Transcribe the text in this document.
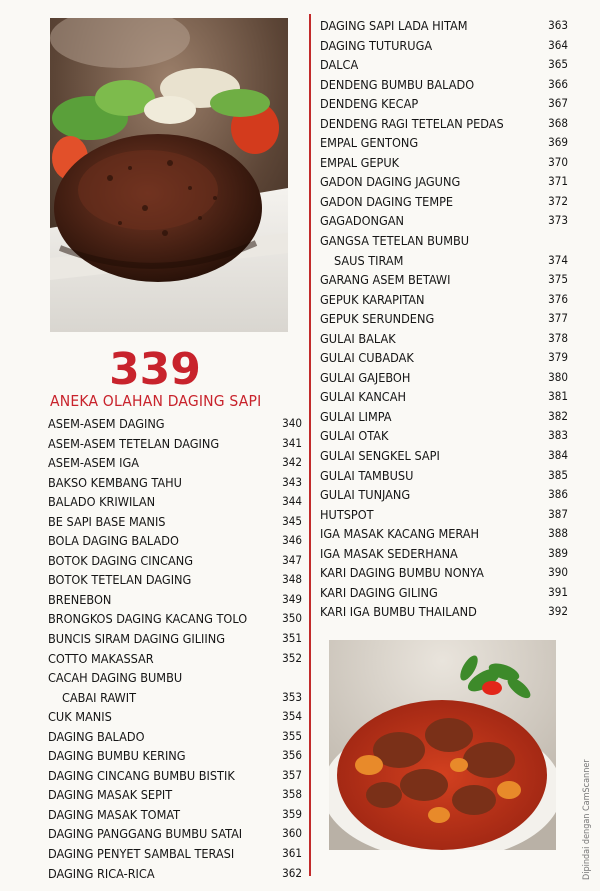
339
ANEKA OLAHAN DAGING SAPI
ASEM-ASEM DAGING	340
ASEM-ASEM TETELAN DAGING	341
ASEM-ASEM IGA	342
BAKSO KEMBANG TAHU	343
BALADO KRIWILAN	344
BE SAPI BASE MANIS	345
BOLA DAGING BALADO	346
BOTOK DAGING CINCANG	347
BOTOK TETELAN DAGING	348
BRENEBON	349
BRONGKOS DAGING KACANG TOLO	350
BUNCIS SIRAM DAGING GILIING	351
COTTO MAKASSAR	352
CACAH DAGING BUMBU
CABAI RAWIT	353
CUK MANIS	354
DAGING BALADO	355
DAGING BUMBU KERING	356
DAGING CINCANG BUMBU BISTIK	357
DAGING MASAK SEPIT	358
DAGING MASAK TOMAT	359
DAGING PANGGANG BUMBU SATAI	360
DAGING PENYET SAMBAL TERASI	361
DAGING RICA-RICA	362
DAGING SAPI LADA HITAM	363
DAGING TUTURUGA	364
DALCA	365
DENDENG BUMBU BALADO	366
DENDENG KECAP	367
DENDENG RAGI TETELAN PEDAS	368
EMPAL GENTONG	369
EMPAL GEPUK	370
GADON DAGING JAGUNG	371
GADON DAGING TEMPE	372
GAGADONGAN	373
GANGSA TETELAN BUMBU
SAUS TIRAM	374
GARANG ASEM BETAWI	375
GEPUK KARAPITAN	376
GEPUK SERUNDENG	377
GULAI BALAK	378
GULAI CUBADAK	379
GULAI GAJEBOH	380
GULAI KANCAH	381
GULAI LIMPA	382
GULAI OTAK	383
GULAI SENGKEL SAPI	384
GULAI TAMBUSU	385
GULAI TUNJANG	386
HUTSPOT	387
IGA MASAK KACANG MERAH	388
IGA MASAK SEDERHANA	389
KARI DAGING BUMBU NONYA	390
KARI DAGING GILING	391
KARI IGA BUMBU THAILAND	392
Dipindai dengan CamScanner
